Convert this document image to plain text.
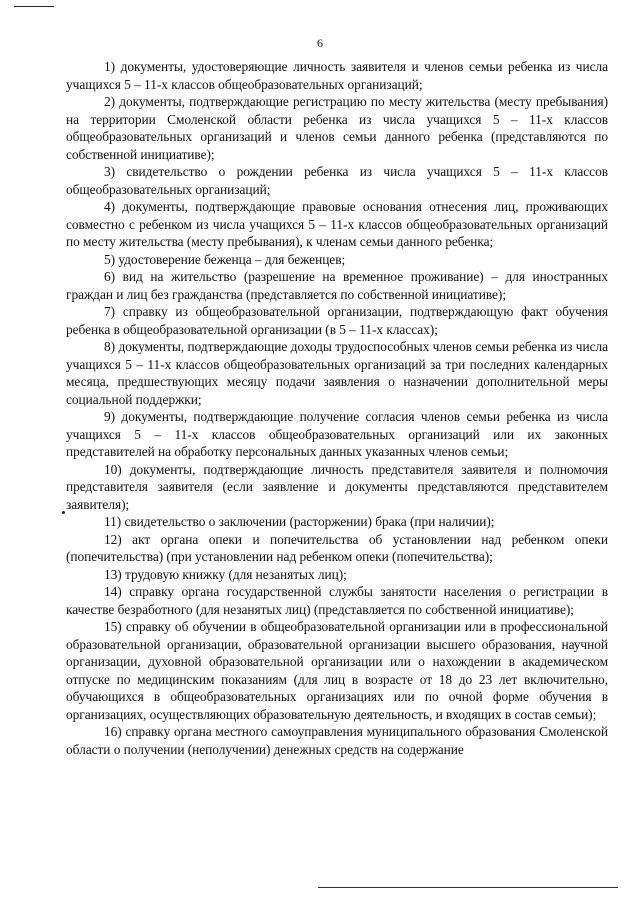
6

1) документы, удостоверяющие личность заявителя и членов семьи ребенка из числа учащихся 5 – 11-х классов общеобразовательных организаций;

2) документы, подтверждающие регистрацию по месту жительства (месту пребывания) на территории Смоленской области ребенка из числа учащихся 5 – 11-х классов общеобразовательных организаций и членов семьи данного ребенка (представляются по собственной инициативе);

3) свидетельство о рождении ребенка из числа учащихся 5 – 11-х классов общеобразовательных организаций;

4) документы, подтверждающие правовые основания отнесения лиц, проживающих совместно с ребенком из числа учащихся 5 – 11-х классов общеобразовательных организаций по месту жительства (месту пребывания), к членам семьи данного ребенка;

5) удостоверение беженца – для беженцев;

6) вид на жительство (разрешение на временное проживание) – для иностранных граждан и лиц без гражданства (представляется по собственной инициативе);

7) справку из общеобразовательной организации, подтверждающую факт обучения ребенка в общеобразовательной организации (в 5 – 11-х классах);

8) документы, подтверждающие доходы трудоспособных членов семьи ребенка из числа учащихся 5 – 11-х классов общеобразовательных организаций за три последних календарных месяца, предшествующих месяцу подачи заявления о назначении дополнительной меры социальной поддержки;

9) документы, подтверждающие получение согласия членов семьи ребенка из числа учащихся 5 – 11-х классов общеобразовательных организаций или их законных представителей на обработку персональных данных указанных членов семьи;

10) документы, подтверждающие личность представителя заявителя и полномочия представителя заявителя (если заявление и документы представляются представителем заявителя);

11) свидетельство о заключении (расторжении) брака (при наличии);

12) акт органа опеки и попечительства об установлении над ребенком опеки (попечительства) (при установлении над ребенком опеки (попечительства);

13) трудовую книжку (для незанятых лиц);

14) справку органа государственной службы занятости населения о регистрации в качестве безработного (для незанятых лиц) (представляется по собственной инициативе);

15) справку об обучении в общеобразовательной организации или в профессиональной образовательной организации, образовательной организации высшего образования, научной организации, духовной образовательной организации или о нахождении в академическом отпуске по медицинским показаниям (для лиц в возрасте от 18 до 23 лет включительно, обучающихся в общеобразовательных организациях или по очной форме обучения в организациях, осуществляющих образовательную деятельность, и входящих в состав семьи);

16) справку органа местного самоуправления муниципального образования Смоленской области о получении (неполучении) денежных средств на содержание
